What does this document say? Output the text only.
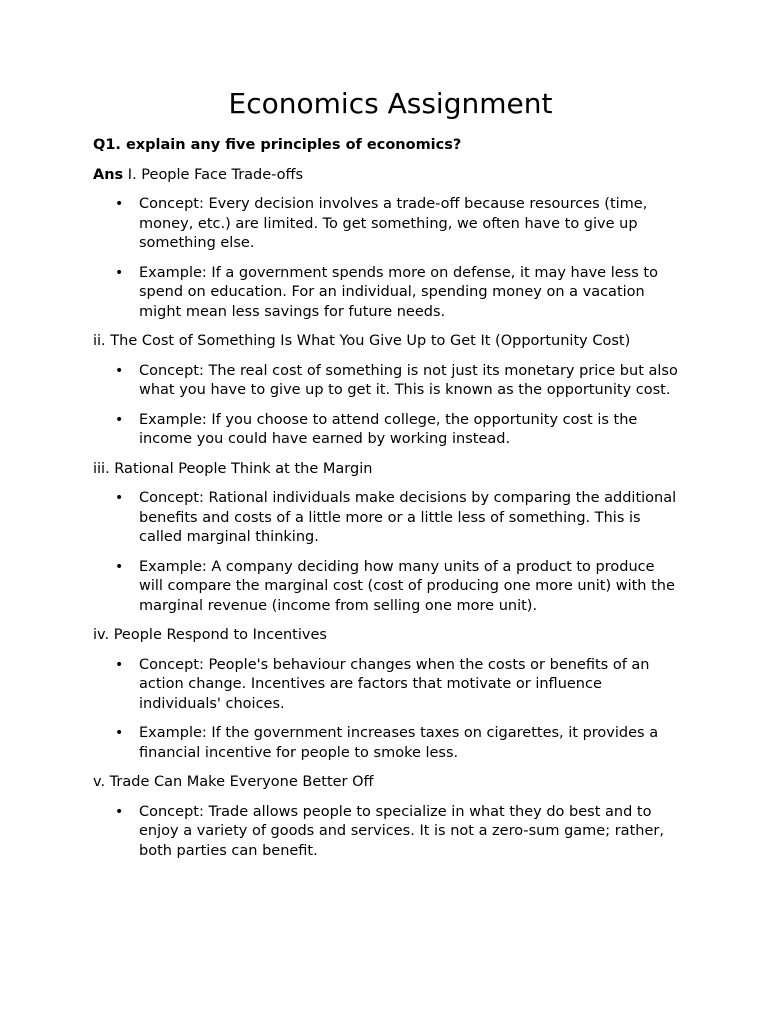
Economics Assignment
Q1. explain any five principles of economics?
Ans I. People Face Trade-offs
• Concept: Every decision involves a trade-off because resources (time, money, etc.) are limited. To get something, we often have to give up something else.
• Example: If a government spends more on defense, it may have less to spend on education. For an individual, spending money on a vacation might mean less savings for future needs.
ii. The Cost of Something Is What You Give Up to Get It (Opportunity Cost)
• Concept: The real cost of something is not just its monetary price but also what you have to give up to get it. This is known as the opportunity cost.
• Example: If you choose to attend college, the opportunity cost is the income you could have earned by working instead.
iii. Rational People Think at the Margin
• Concept: Rational individuals make decisions by comparing the additional benefits and costs of a little more or a little less of something. This is called marginal thinking.
• Example: A company deciding how many units of a product to produce will compare the marginal cost (cost of producing one more unit) with the marginal revenue (income from selling one more unit).
iv. People Respond to Incentives
• Concept: People's behaviour changes when the costs or benefits of an action change. Incentives are factors that motivate or influence individuals' choices.
• Example: If the government increases taxes on cigarettes, it provides a financial incentive for people to smoke less.
v. Trade Can Make Everyone Better Off
• Concept: Trade allows people to specialize in what they do best and to enjoy a variety of goods and services. It is not a zero-sum game; rather, both parties can benefit.
